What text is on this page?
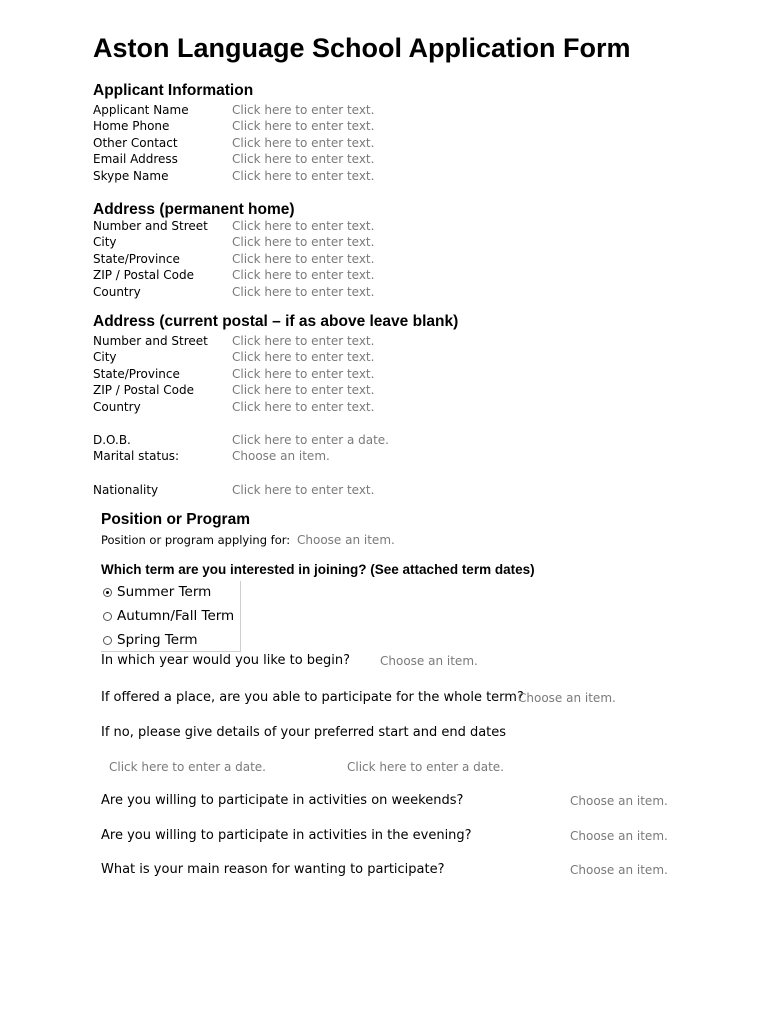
Aston Language School Application Form
Applicant Information
Applicant Name	Click here to enter text.
Home Phone	Click here to enter text.
Other Contact	Click here to enter text.
Email Address	Click here to enter text.
Skype Name	Click here to enter text.
Address (permanent home)
Number and Street Click here to enter text.
City	Click here to enter text.
State/Province	Click here to enter text.
ZIP / Postal Code	Click here to enter text.
Country	Click here to enter text.
Address (current postal – if as above leave blank)
Number and Street Click here to enter text.
City	Click here to enter text.
State/Province	Click here to enter text.
ZIP / Postal Code	Click here to enter text.
Country	Click here to enter text.
D.O.B.	Click here to enter a date.
Marital status:	Choose an item.
Nationality	Click here to enter text.
Position or Program
Position or program applying for: Choose an item.
Which term are you interested in joining? (See attached term dates)
Summer Term
Autumn/Fall Term
Spring Term
In which year would you like to begin? Choose an item.
If offered a place, are you able to participate for the whole term?
Choose an item.
If no, please give details of your preferred start and end dates
Click here to enter a date.	Click here to enter a date.
Are you willing to participate in activities on weekends?	Choose an item.
Are you willing to participate in activities in the evening?	Choose an item.
What is your main reason for wanting to participate?	Choose an item.
